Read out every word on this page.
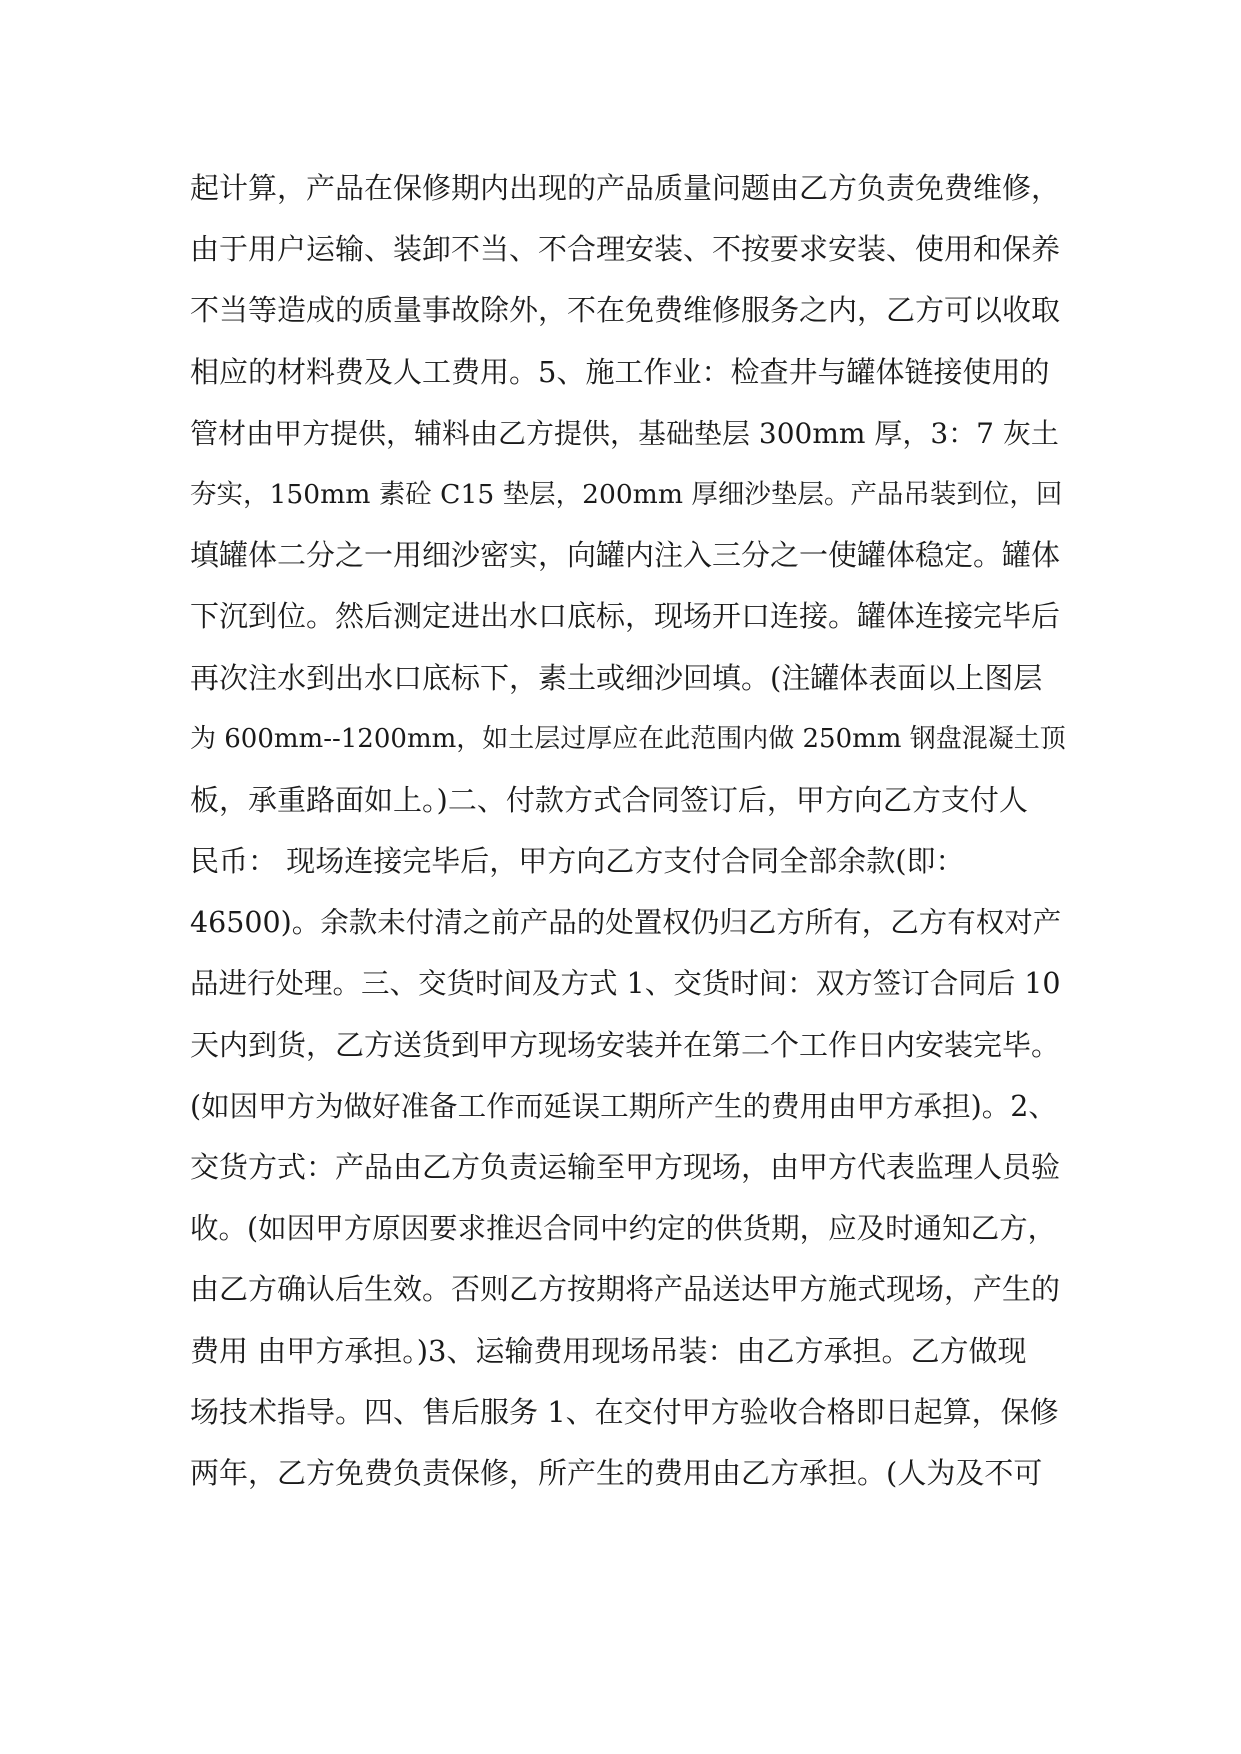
起计算，产品在保修期内出现的产品质量问题由乙方负责免费维修，
由于用户运输、装卸不当、不合理安装、不按要求安装、使用和保养
不当等造成的质量事故除外，不在免费维修服务之内，乙方可以收取
相应的材料费及人工费用。5、施工作业：检查井与罐体链接使用的
管材由甲方提供，辅料由乙方提供，基础垫层 300mm 厚，3：7 灰土
夯实，150mm 素砼 C15 垫层，200mm 厚细沙垫层。产品吊装到位，回
填罐体二分之一用细沙密实，向罐内注入三分之一使罐体稳定。罐体
下沉到位。然后测定进出水口底标，现场开口连接。罐体连接完毕后
再次注水到出水口底标下，素土或细沙回填。(注罐体表面以上图层
为 600mm--1200mm，如土层过厚应在此范围内做 250mm 钢盘混凝土顶
板，承重路面如上。)二、付款方式合同签订后，甲方向乙方支付人
民币： 现场连接完毕后，甲方向乙方支付合同全部余款(即：
46500)。余款未付清之前产品的处置权仍归乙方所有，乙方有权对产
品进行处理。三、交货时间及方式 1、交货时间：双方签订合同后 10
天内到货，乙方送货到甲方现场安装并在第二个工作日内安装完毕。
(如因甲方为做好准备工作而延误工期所产生的费用由甲方承担)。2、
交货方式：产品由乙方负责运输至甲方现场，由甲方代表监理人员验
收。(如因甲方原因要求推迟合同中约定的供货期，应及时通知乙方，
由乙方确认后生效。否则乙方按期将产品送达甲方施式现场，产生的
费用 由甲方承担。)3、运输费用现场吊装：由乙方承担。乙方做现
场技术指导。四、售后服务 1、在交付甲方验收合格即日起算，保修
两年，乙方免费负责保修，所产生的费用由乙方承担。(人为及不可
